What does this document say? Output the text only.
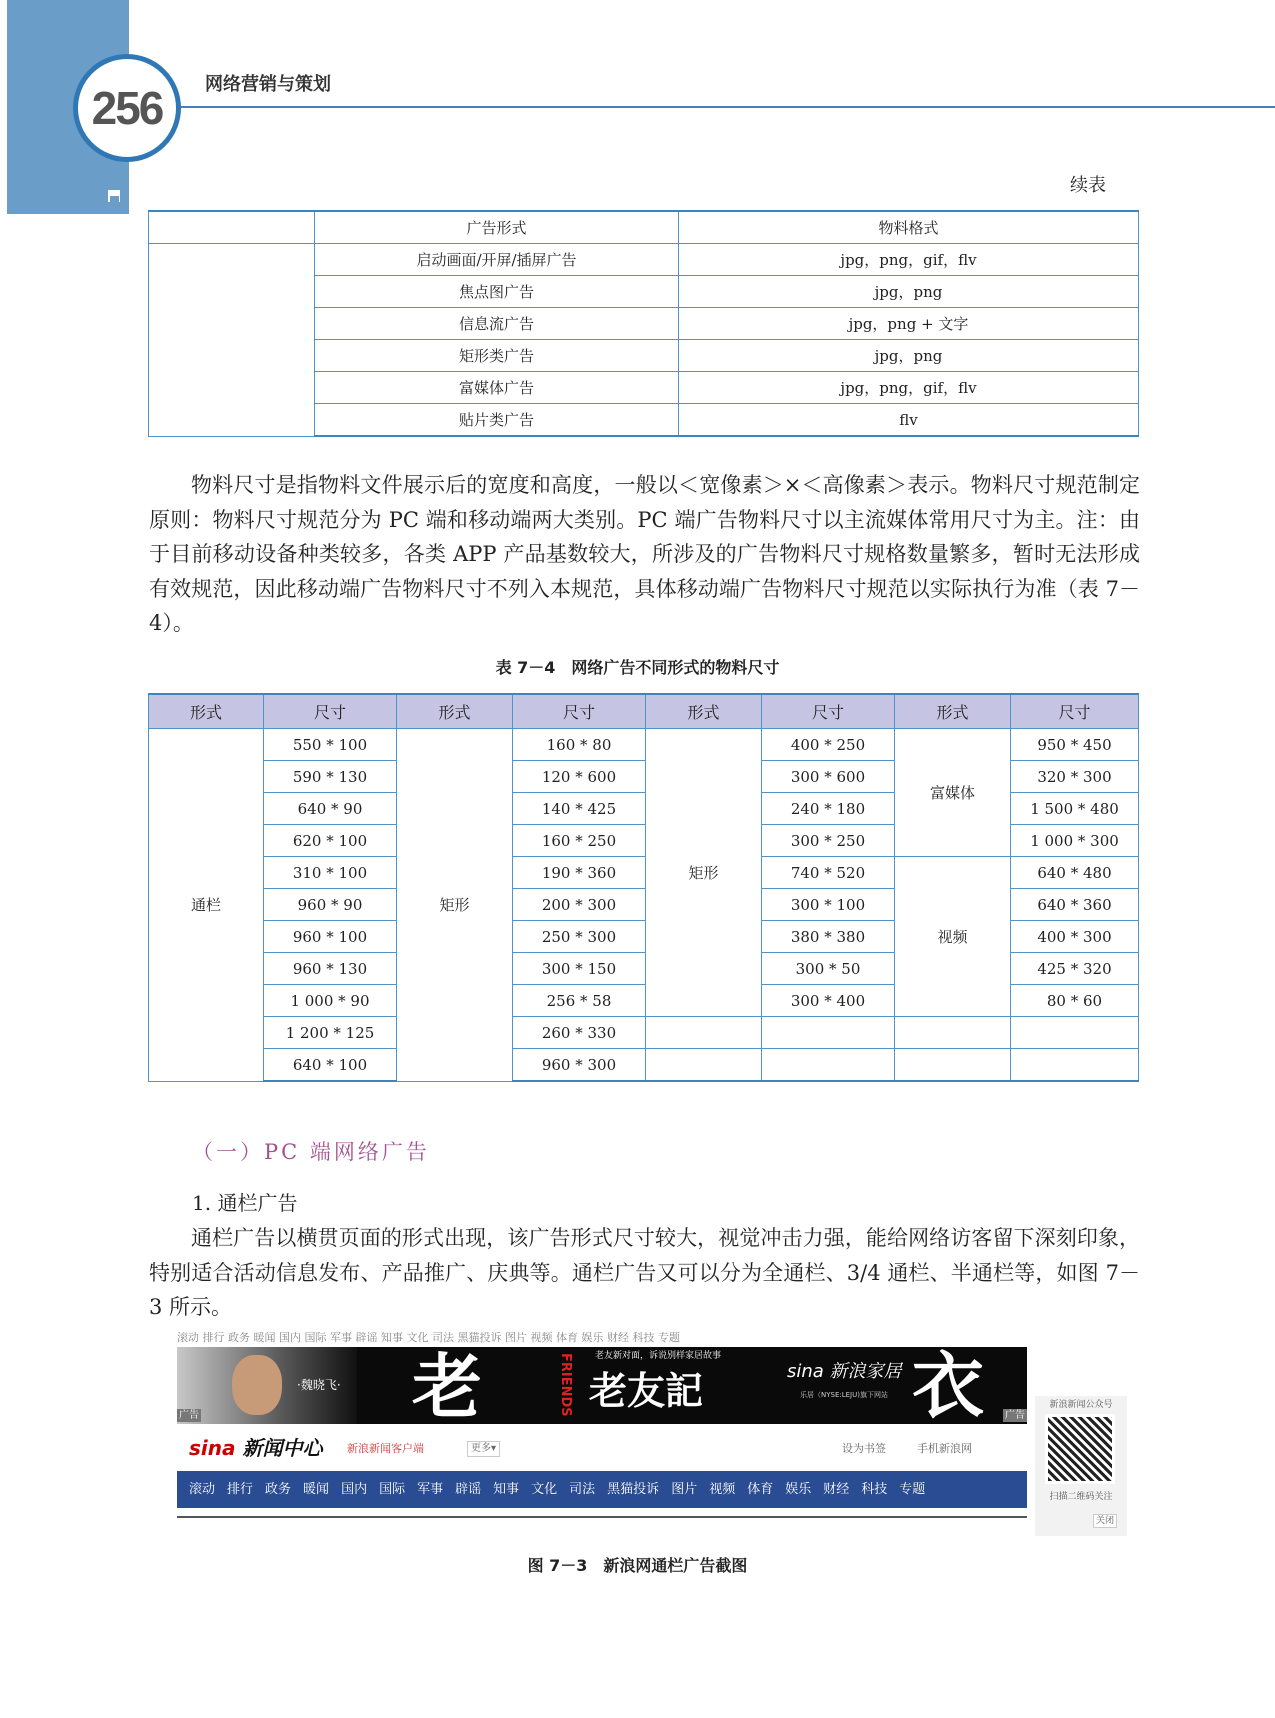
256	网络营销与策划
续表
	广告形式	物料格式
	启动画面/开屏/插屏广告	jpg，png，gif，flv
	焦点图广告	jpg，png
	信息流广告	jpg，png + 文字
	矩形类广告	jpg，png
	富媒体广告	jpg，png，gif，flv
	贴片类广告	flv

物料尺寸是指物料文件展示后的宽度和高度，一般以＜宽像素＞×＜高像素＞表示。物料尺寸规范制定原则：物料尺寸规范分为 PC 端和移动端两大类别。PC 端广告物料尺寸以主流媒体常用尺寸为主。注：由于目前移动设备种类较多，各类 APP 产品基数较大，所涉及的广告物料尺寸规格数量繁多，暂时无法形成有效规范，因此移动端广告物料尺寸不列入本规范，具体移动端广告物料尺寸规范以实际执行为准（表 7－4）。

表 7－4　网络广告不同形式的物料尺寸
形式	尺寸	形式	尺寸	形式	尺寸	形式	尺寸
通栏	550 * 100	矩形	160 * 80	矩形	400 * 250	富媒体	950 * 450
	590 * 130		120 * 600		300 * 600		320 * 300
	640 * 90		140 * 425		240 * 180		1 500 * 480
	620 * 100		160 * 250		300 * 250		1 000 * 300
	310 * 100		190 * 360		740 * 520	视频	640 * 480
	960 * 90		200 * 300		300 * 100		640 * 360
	960 * 100		250 * 300		380 * 380		400 * 300
	960 * 130		300 * 150		300 * 50		425 * 320
	1 000 * 90		256 * 58		300 * 400		80 * 60
	1 200 * 125		260 * 330				
	640 * 100		960 * 300				
（一）PC 端网络广告
1. 通栏广告

通栏广告以横贯页面的形式出现，该广告形式尺寸较大，视觉冲击力强，能给网络访客留下深刻印象，特别适合活动信息发布、产品推广、庆典等。通栏广告又可以分为全通栏、3/4 通栏、半通栏等，如图 7－3 所示。

滚动 排行 政务 暖闻 国内 国际 军事 辟谣 知事 文化 司法 黑猫投诉 图片 视频 体育 娱乐 财经 科技 专题
·魏晓飞·
广告	老	FRIENDS 老友新对面，诉说别样家居故事
老友記	sina 新浪家居
乐居（NYSE:LEJU)旗下网站 衣 广告
sina 新闻中心 新浪新闻客户端	更多▾	设为书签	手机新浪网
滚动 排行 政务 暖闻 国内 国际 军事 辟谣 知事 文化 司法 黑猫投诉 图片 视频 体育 娱乐 财经 科技 专题
新浪新闻公众号
扫描二维码关注
关闭
图 7－3　新浪网通栏广告截图
